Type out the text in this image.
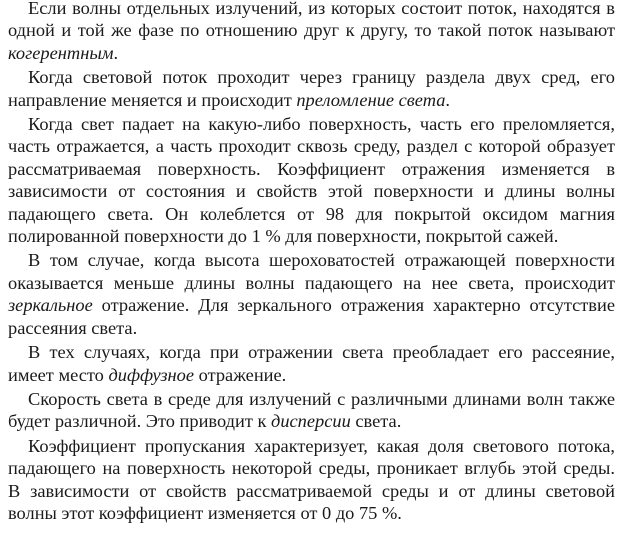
Если волны отдельных излучений, из которых состоит поток, находятся в одной и той же фазе по отношению друг к другу, то такой поток называют когерентным.

Когда световой поток проходит через границу раздела двух сред, его направление меняется и происходит преломление света.

Когда свет падает на какую-либо поверхность, часть его преломляется, часть отражается, а часть проходит сквозь среду, раздел с которой образует рассматриваемая поверхность. Коэффициент отражения изменяется в зависимости от состояния и свойств этой поверхности и длины волны падающего света. Он колеблется от 98 для покрытой оксидом магния полированной поверхности до 1 % для поверхности, покрытой сажей.

В том случае, когда высота шероховатостей отражающей поверхности оказывается меньше длины волны падающего на нее света, происходит зеркальное отражение. Для зеркального отражения характерно отсутствие рассеяния света.

В тех случаях, когда при отражении света преобладает его рассеяние, имеет место диффузное отражение.

Скорость света в среде для излучений с различными длинами волн также будет различной. Это приводит к дисперсии света.

Коэффициент пропускания характеризует, какая доля светового потока, падающего на поверхность некоторой среды, проникает вглубь этой среды. В зависимости от свойств рассматриваемой среды и от длины световой волны этот коэффициент изменяется от 0 до 75 %.
